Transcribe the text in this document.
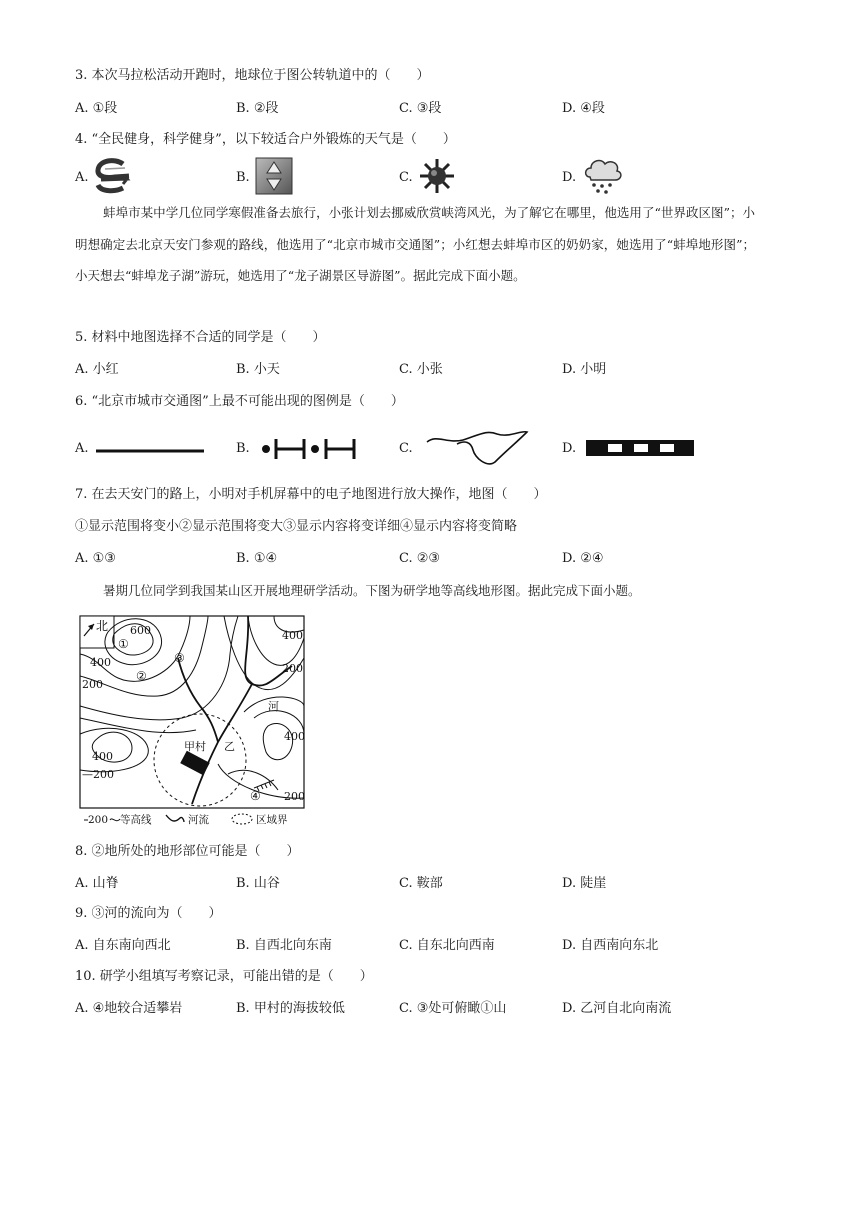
3. 本次马拉松活动开跑时，地球位于图公转轨道中的（　　）
A. ①段	B. ②段	C. ③段	D. ④段
4. “全民健身，科学健身”，以下较适合户外锻炼的天气是（　　）
A.	B.	C.	D.
蚌埠市某中学几位同学寒假准备去旅行，小张计划去挪威欣赏峡湾风光，为了解它在哪里，他选用了“世界政区图”；小明想确定去北京天安门参观的路线，他选用了“北京市城市交通图”；小红想去蚌埠市区的奶奶家，她选用了“蚌埠地形图”；小天想去“蚌埠龙子湖”游玩，她选用了“龙子湖景区导游图”。据此完成下面小题。
5. 材料中地图选择不合适的同学是（　　）
A. 小红	B. 小天	C. 小张	D. 小明
6. “北京市城市交通图”上最不可能出现的图例是（　　）
A.	B.	C.	D.
7. 在去天安门的路上，小明对手机屏幕中的电子地图进行放大操作，地图（　　）
①显示范围将变小②显示范围将变大③显示内容将变详细④显示内容将变简略
A. ①③	B. ①④	C. ②③	D. ②④
暑期几位同学到我国某山区开展地理研学活动。下图为研学地等高线地形图。据此完成下面小题。
北 600
400
400
200
200
400
400
200
—200
河
甲村 乙
①
②
③
④
200 等高线	河流	区域界
8. ②地所处的地形部位可能是（　　）
A. 山脊	B. 山谷	C. 鞍部	D. 陡崖
9. ③河的流向为（　　）
A. 自东南向西北	B. 自西北向东南	C. 自东北向西南	D. 自西南向东北
10. 研学小组填写考察记录，可能出错的是（　　）
A. ④地较合适攀岩	B. 甲村的海拔较低	C. ③处可俯瞰①山	D. 乙河自北向南流
